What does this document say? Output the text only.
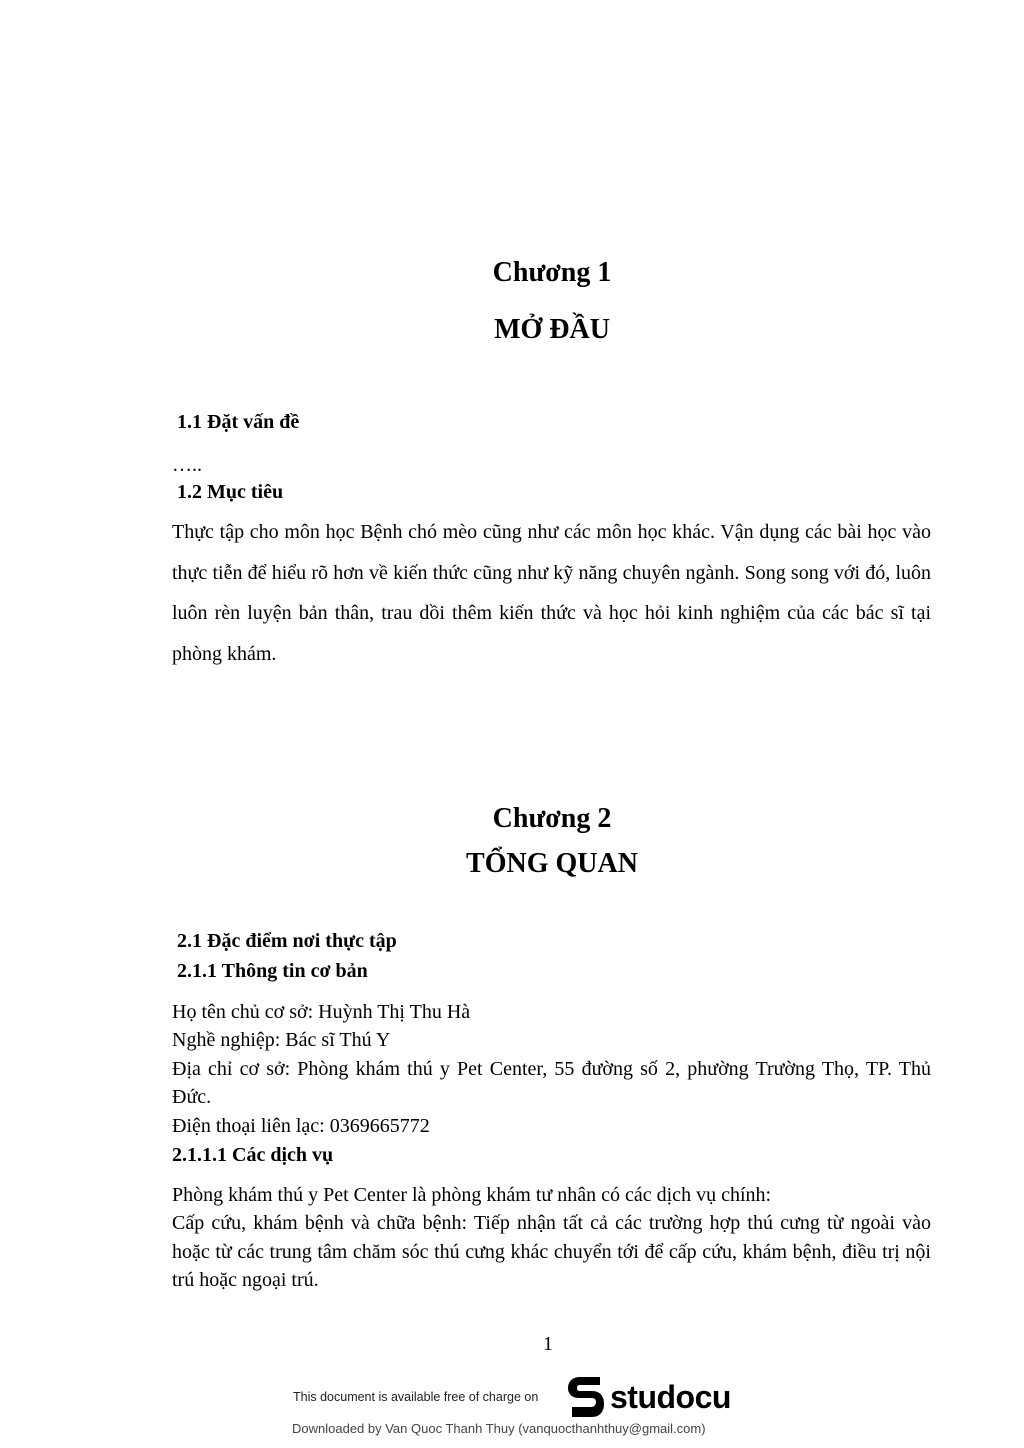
Chương 1
MỞ ĐẦU
1.1 Đặt vấn đề
…..
1.2 Mục tiêu
Thực tập cho môn học Bệnh chó mèo cũng như các môn học khác. Vận dụng các bài học vào thực tiễn để hiểu rõ hơn về kiến thức cũng như kỹ năng chuyên ngành. Song song với đó, luôn luôn rèn luyện bản thân, trau dồi thêm kiến thức và học hỏi kinh nghiệm của các bác sĩ tại phòng khám.
Chương 2
TỔNG QUAN
2.1 Đặc điểm nơi thực tập
2.1.1 Thông tin cơ bản
Họ tên chủ cơ sở: Huỳnh Thị Thu Hà
Nghề nghiệp: Bác sĩ Thú Y
Địa chỉ cơ sở: Phòng khám thú y Pet Center, 55 đường số 2, phường Trường Thọ, TP. Thủ Đức.
Điện thoại liên lạc: 0369665772
2.1.1.1 Các dịch vụ
Phòng khám thú y Pet Center là phòng khám tư nhân có các dịch vụ chính:
Cấp cứu, khám bệnh và chữa bệnh: Tiếp nhận tất cả các trường hợp thú cưng từ ngoài vào hoặc từ các trung tâm chăm sóc thú cưng khác chuyển tới để cấp cứu, khám bệnh, điều trị nội trú hoặc ngoại trú.
1
This document is available free of charge on studocu
Downloaded by Van Quoc Thanh Thuy (vanquocthanhthuy@gmail.com)
